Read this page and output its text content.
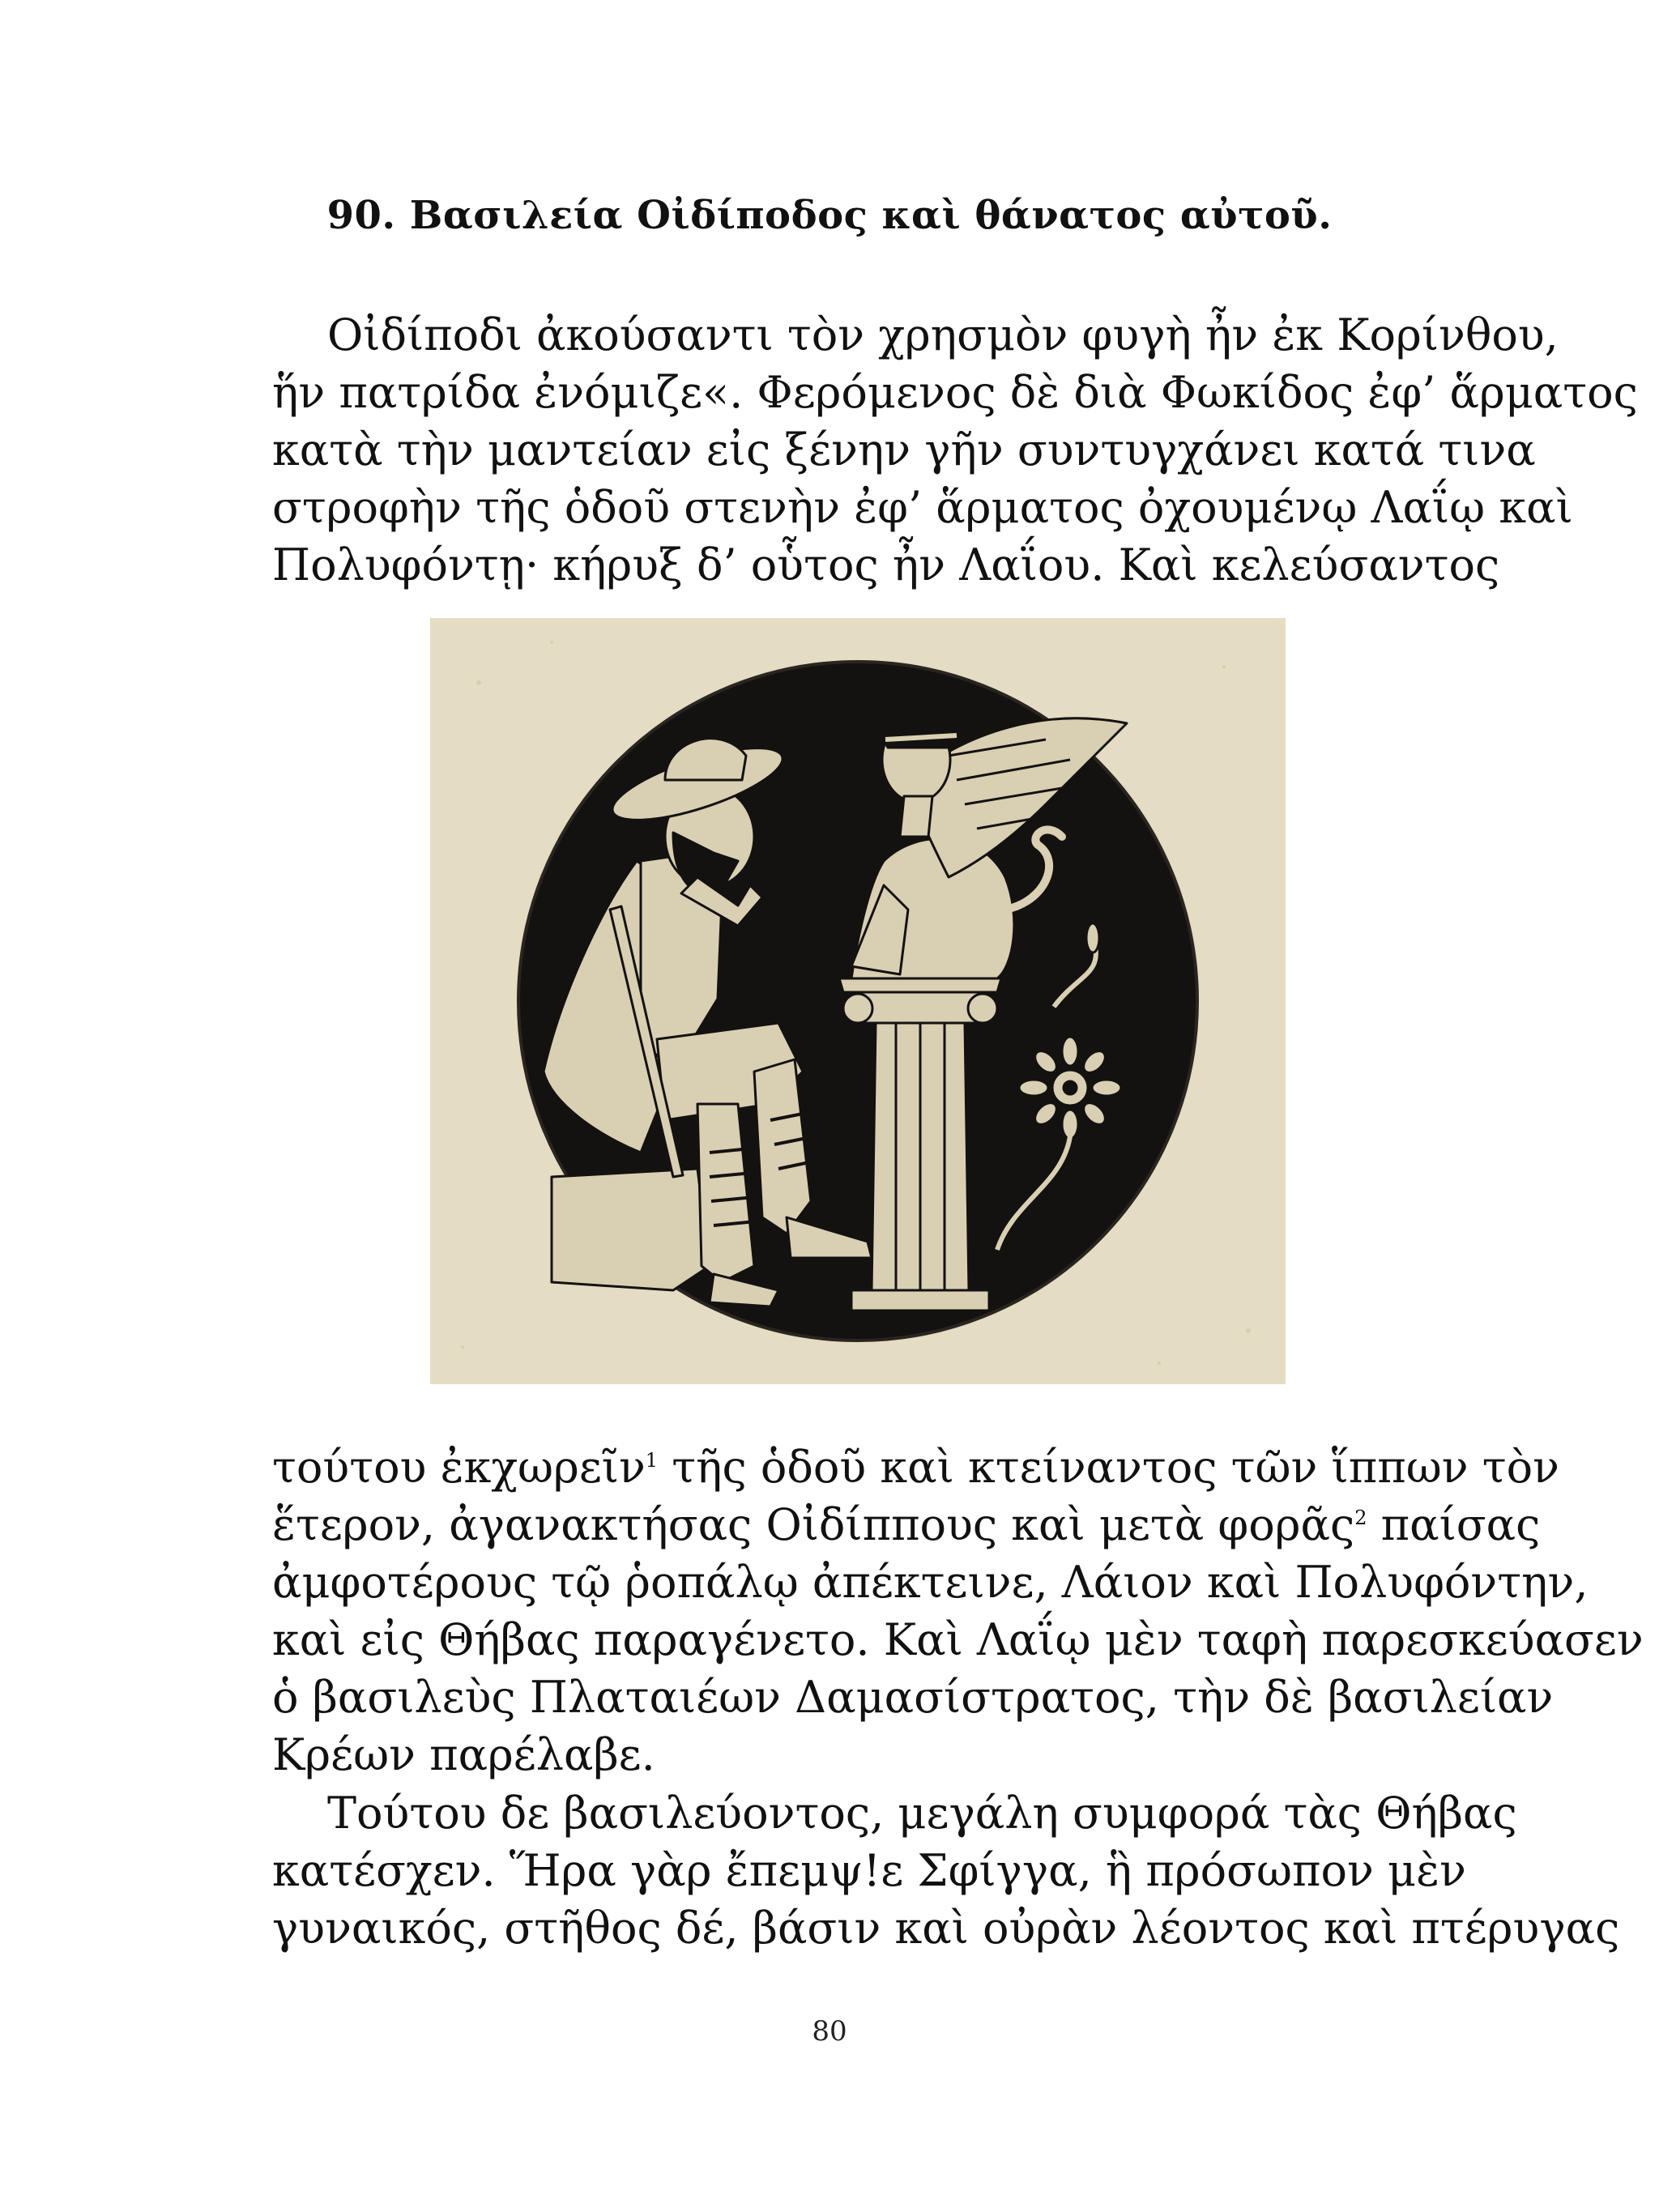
90. Βασιλεία Οἰδίποδος καὶ θάνατος αὐτοῦ.
Οἰδίποδι ἀκούσαντι τὸν χρησμὸν φυγὴ ἦν ἐκ Κορίνθου,
ἥν πατρίδα ἐνόμιζε«. Φερόμενος δὲ διὰ Φωκίδος ἐφ’ ἅρματος
κατὰ τὴν μαντείαν εἰς ξένην γῆν συντυγχάνει κατά τινα
στροφὴν τῆς ὁδοῦ στενὴν ἐφ’ ἅρματος ὀχουμένῳ Λαΐῳ καὶ
Πολυφόντῃ· κήρυξ δ’ οὗτος ἦν Λαΐου. Καὶ κελεύσαντος
τούτου ἐκχωρεῖν$^1$ τῆς ὁδοῦ καὶ κτείναντος τῶν ἵππων τὸν
ἕτερον, ἀγανακτήσας Οἰδίππους καὶ μετὰ φορᾶς$^2$ παίσας
ἀμφοτέρους τῷ ῥοπάλῳ ἀπέκτεινε, Λάιον καὶ Πολυφόντην,
καὶ εἰς Θήβας παραγένετο. Καὶ Λαΐῳ μὲν ταφὴ παρεσκεύασεν
ὁ βασιλεὺς Πλαταιέων Δαμασίστρατος, τὴν δὲ βασιλείαν
Κρέων παρέλαβε.
Τούτου δε βασιλεύοντος, μεγάλη συμφορά τὰς Θήβας
κατέσχεν. Ἥρα γὰρ ἔπεμψ!ε Σφίγγα, ἣ πρόσωπον μὲν
γυναικός, στῆθος δέ, βάσιν καὶ οὐρὰν λέοντος καὶ πτέρυγας
80
